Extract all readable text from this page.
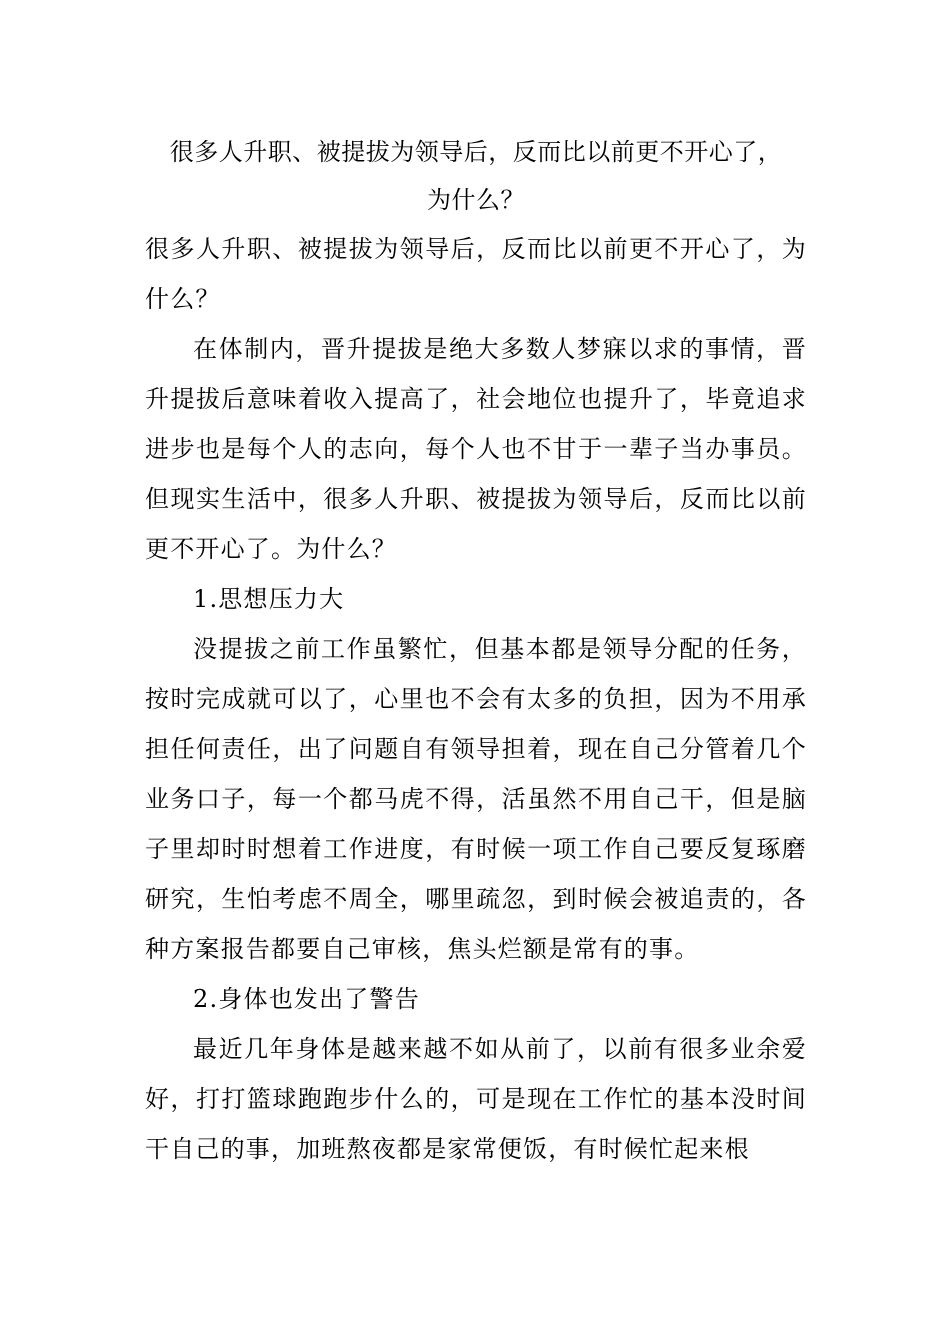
很多人升职、被提拔为领导后，反而比以前更不开心了，
为什么？

很多人升职、被提拔为领导后，反而比以前更不开心了，为什么？

在体制内，晋升提拔是绝大多数人梦寐以求的事情，晋升提拔后意味着收入提高了，社会地位也提升了，毕竟追求进步也是每个人的志向，每个人也不甘于一辈子当办事员。但现实生活中，很多人升职、被提拔为领导后，反而比以前更不开心了。为什么？

1.思想压力大

没提拔之前工作虽繁忙，但基本都是领导分配的任务，按时完成就可以了，心里也不会有太多的负担，因为不用承担任何责任，出了问题自有领导担着，现在自己分管着几个业务口子，每一个都马虎不得，活虽然不用自己干，但是脑子里却时时想着工作进度，有时候一项工作自己要反复琢磨研究，生怕考虑不周全，哪里疏忽，到时候会被追责的，各种方案报告都要自己审核，焦头烂额是常有的事。

2.身体也发出了警告

最近几年身体是越来越不如从前了，以前有很多业余爱好，打打篮球跑跑步什么的，可是现在工作忙的基本没时间干自己的事，加班熬夜都是家常便饭，有时候忙起来根
